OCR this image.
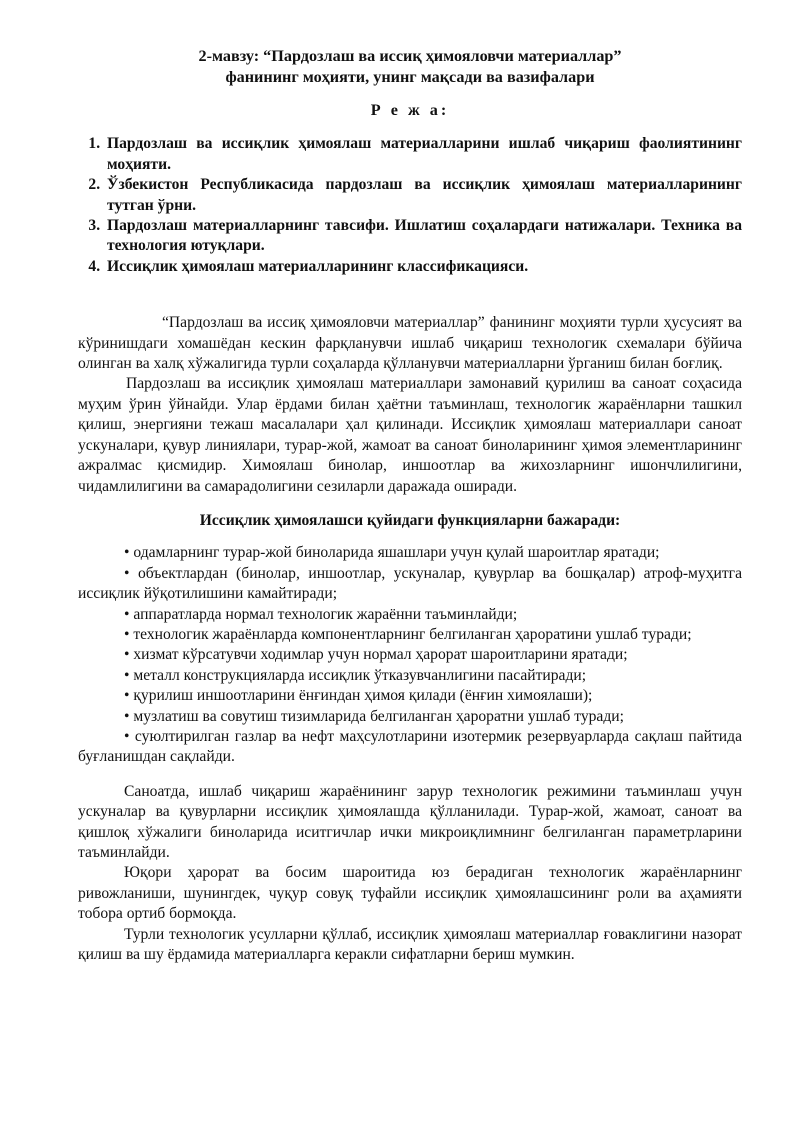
2-мавзу: “Пардозлаш ва иссиқ ҳимояловчи материаллар”
фанининг моҳияти, унинг мақсади ва вазифалари

Р е ж а:

1. Пардозлаш ва иссиқлик ҳимоялаш материалларини ишлаб чиқариш фаолиятининг моҳияти.
2. Ўзбекистон Республикасида пардозлаш ва иссиқлик ҳимоялаш материалларининг тутган ўрни.
3. Пардозлаш материалларнинг тавсифи. Ишлатиш соҳалардаги натижалари. Техника ва технология ютуқлари.
4. Иссиқлик ҳимоялаш материалларининг классификацияси.

“Пардозлаш ва иссиқ ҳимояловчи материаллар” фанининг моҳияти турли ҳусусият ва кўринишдаги хомашёдан кескин фарқланувчи ишлаб чиқариш технологик схемалари бўйича олинган ва халқ хўжалигида турли соҳаларда қўлланувчи материалларни ўрганиш билан боғлиқ.

Пардозлаш ва иссиқлик ҳимоялаш материаллари замонавий қурилиш ва саноат соҳасида муҳим ўрин ўйнайди. Улар ёрдами билан ҳаётни таъминлаш, технологик жараёнларни ташкил қилиш, энергияни тежаш масалалари ҳал қилинади. Иссиқлик ҳимоялаш материаллари саноат ускуналари, қувур линиялари, турар-жой, жамоат ва саноат биноларининг ҳимоя элементларининг ажралмас қисмидир. Химоялаш бинолар, иншоотлар ва жихозларнинг ишончлилигини, чидамлилигини ва самарадолигини сезиларли даражада оширади.

Иссиқлик ҳимоялашси қуйидаги функцияларни бажаради:

• одамларнинг турар-жой биноларида яшашлари учун қулай шароитлар яратади;

• объектлардан (бинолар, иншоотлар, ускуналар, қувурлар ва бошқалар) атроф-муҳитга иссиқлик йўқотилишини камайтиради;

• аппаратларда нормал технологик жараённи таъминлайди;

• технологик жараёнларда компонентларнинг белгиланган ҳароратини ушлаб туради;

• хизмат кўрсатувчи ходимлар учун нормал ҳарорат шароитларини яратади;

• металл конструкцияларда иссиқлик ўтказувчанлигини пасайтиради;

• қурилиш иншоотларини ёнғиндан ҳимоя қилади (ёнғин химоялаши);

• музлатиш ва совутиш тизимларида белгиланган ҳароратни ушлаб туради;

• суюлтирилган газлар ва нефт маҳсулотларини изотермик резервуарларда сақлаш пайтида буғланишдан сақлайди.

Саноатда, ишлаб чиқариш жараёнининг зарур технологик режимини таъминлаш учун ускуналар ва қувурларни иссиқлик ҳимоялашда қўлланилади. Турар-жой, жамоат, саноат ва қишлоқ хўжалиги биноларида иситгичлар ички микроиқлимнинг белгиланган параметрларини таъминлайди.

Юқори ҳарорат ва босим шароитида юз берадиган технологик жараёнларнинг ривожланиши, шунингдек, чуқур совуқ туфайли иссиқлик ҳимоялашсининг роли ва аҳамияти тобора ортиб бормоқда.

Турли технологик усулларни қўллаб, иссиқлик ҳимоялаш материаллар ғоваклигини назорат қилиш ва шу ёрдамида материалларга керакли сифатларни бериш мумкин.
